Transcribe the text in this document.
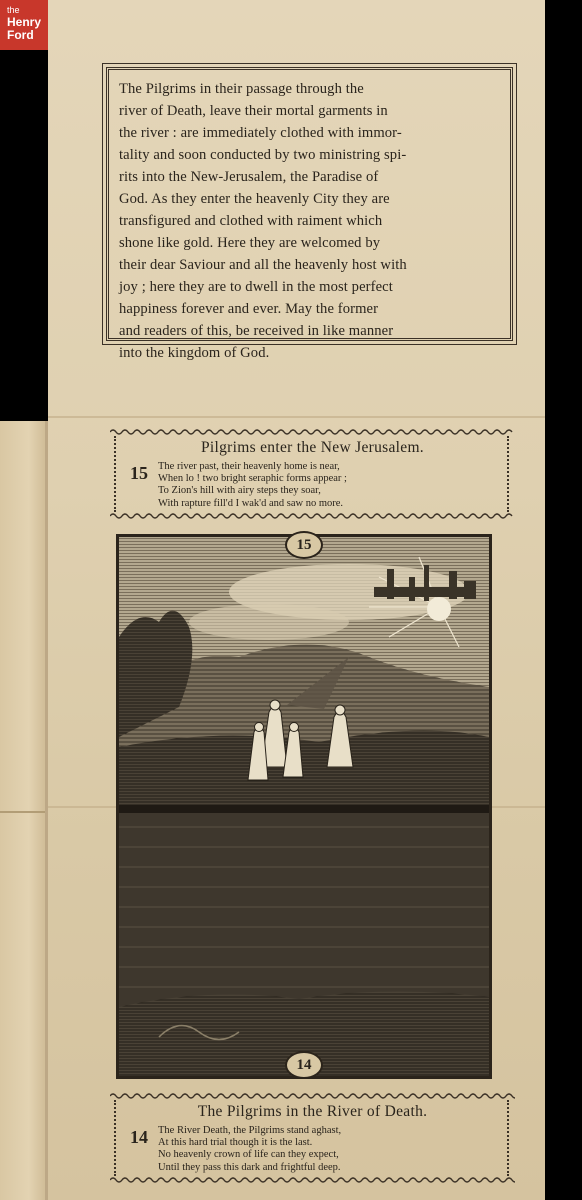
the
Henry
Ford

The Pilgrims in their passage through the
river of Death, leave their mortal garments in
the river : are immediately clothed with immor-
tality and soon conducted by two ministring spi-
rits into the New-Jerusalem, the Paradise of
God. As they enter the heavenly City they are
transfigured and clothed with raiment which
shone like gold. Here they are welcomed by
their dear Saviour and all the heavenly host with
joy ; here they are to dwell in the most perfect
happiness forever and ever. May the former
and readers of this, be received in like manner
into the kingdom of God.

Pilgrims enter the New Jerusalem.
15 The river past, their heavenly home is near,
When lo ! two bright seraphic forms appear ;
To Zion's hill with airy steps they soar,
With rapture fill'd I wak'd and saw no more.
15
14
The Pilgrims in the River of Death.
14 The River Death, the Pilgrims stand aghast,
At this hard trial though it is the last.
No heavenly crown of life can they expect,
Until they pass this dark and frightful deep.
